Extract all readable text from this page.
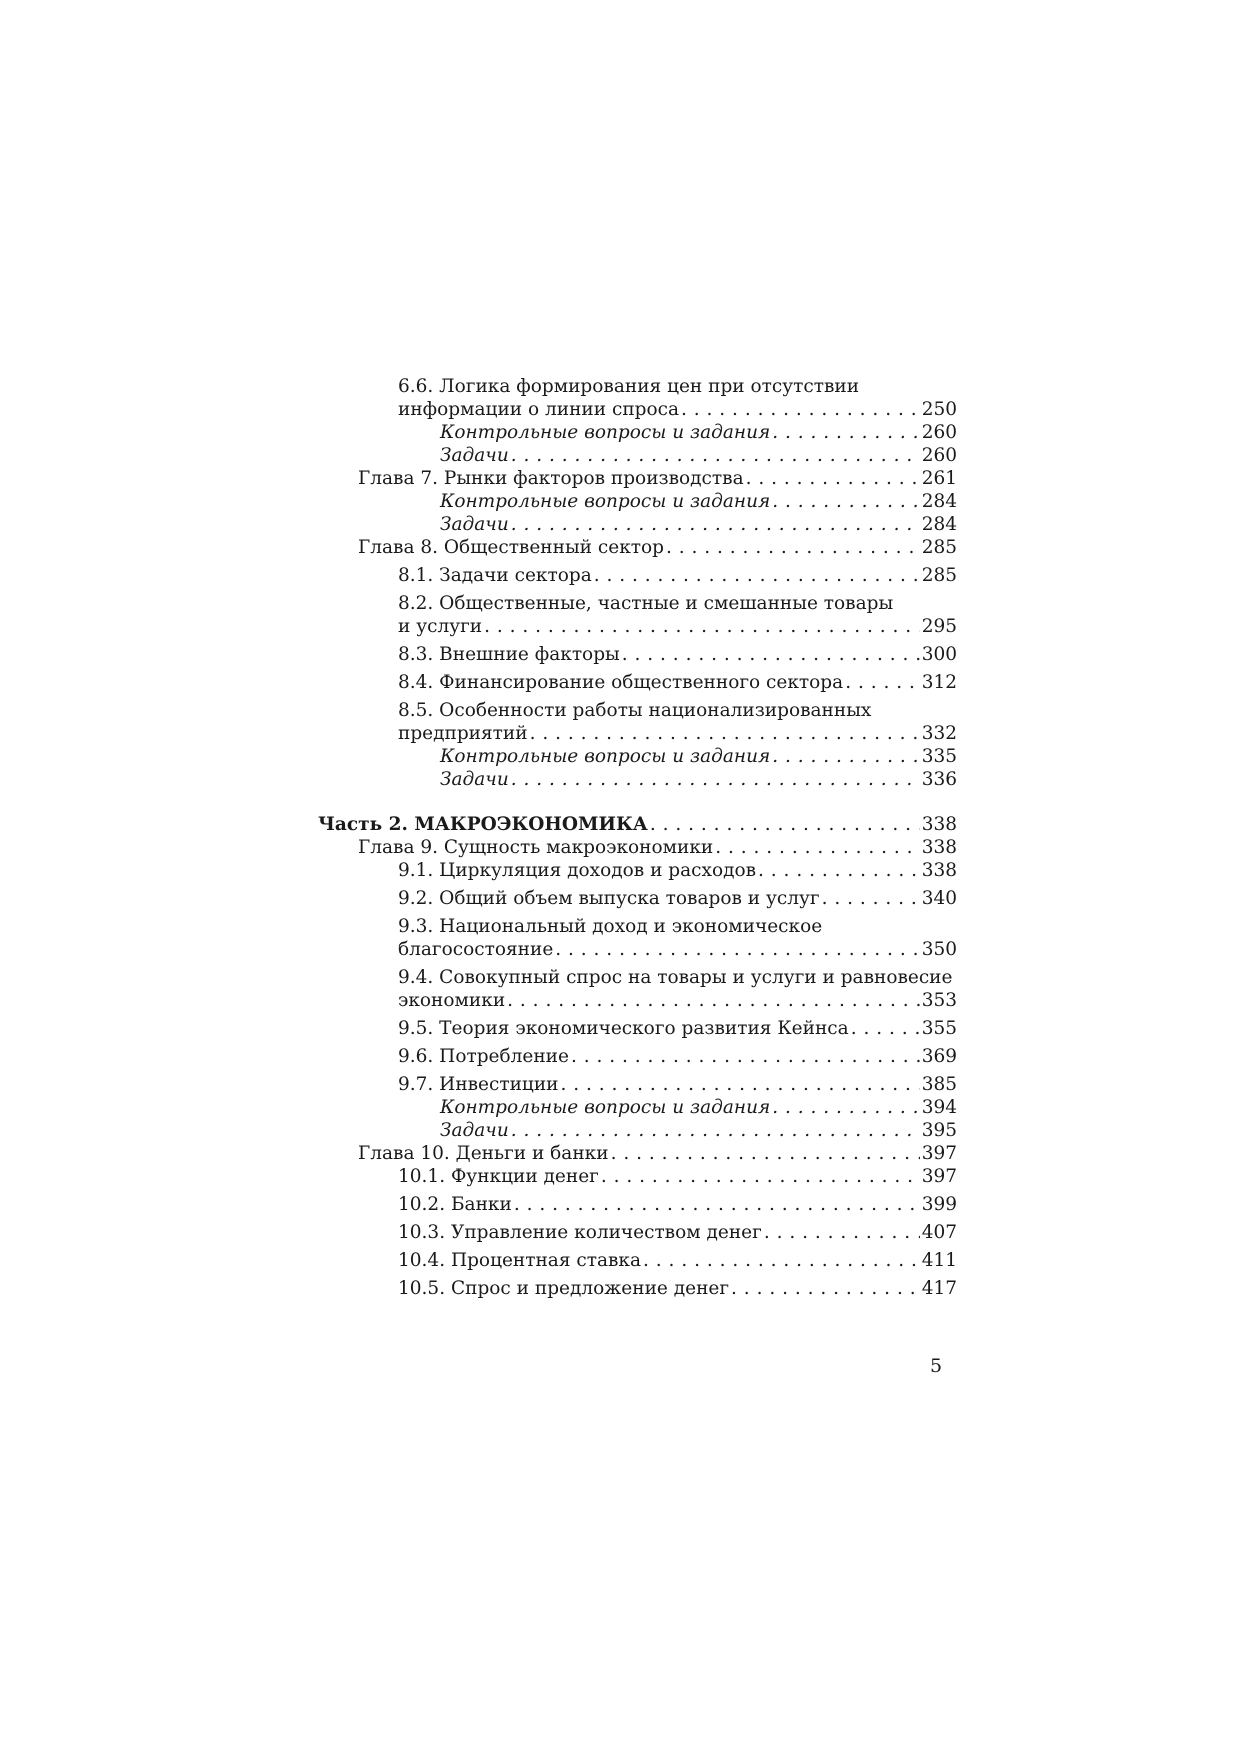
6.6. Логика формирования цен при отсутствии
информации о линии спроса . . .	250
Контрольные вопросы и задания . . .	260
Задачи . . .	260
Глава 7. Рынки факторов производства . . .	261
Контрольные вопросы и задания . . .	284
Задачи . . .	284
Глава 8. Общественный сектор . . .	285
8.1. Задачи сектора . . .	285
8.2. Общественные, частные и смешанные товары
и услуги . . .	295
8.3. Внешние факторы . . .	300
8.4. Финансирование общественного сектора . . .	312
8.5. Особенности работы национализированных
предприятий . . .	332
Контрольные вопросы и задания . . .	335
Задачи . . .	336
Часть 2. МАКРОЭКОНОМИКА . . .	338
Глава 9. Сущность макроэкономики . . .	338
9.1. Циркуляция доходов и расходов . . .	338
9.2. Общий объем выпуска товаров и услуг . . .	340
9.3. Национальный доход и экономическое
благосостояние . . .	350
9.4. Совокупный спрос на товары и услуги и равновесие
экономики . . .	353
9.5. Теория экономического развития Кейнса . . .	355
9.6. Потребление . . .	369
9.7. Инвестиции . . .	385
Контрольные вопросы и задания . . .	394
Задачи . . .	395
Глава 10. Деньги и банки . . .	397
10.1. Функции денег . . .	397
10.2. Банки . . .	399
10.3. Управление количеством денег . . .	407
10.4. Процентная ставка . . .	411
10.5. Спрос и предложение денег . . .	417
5
